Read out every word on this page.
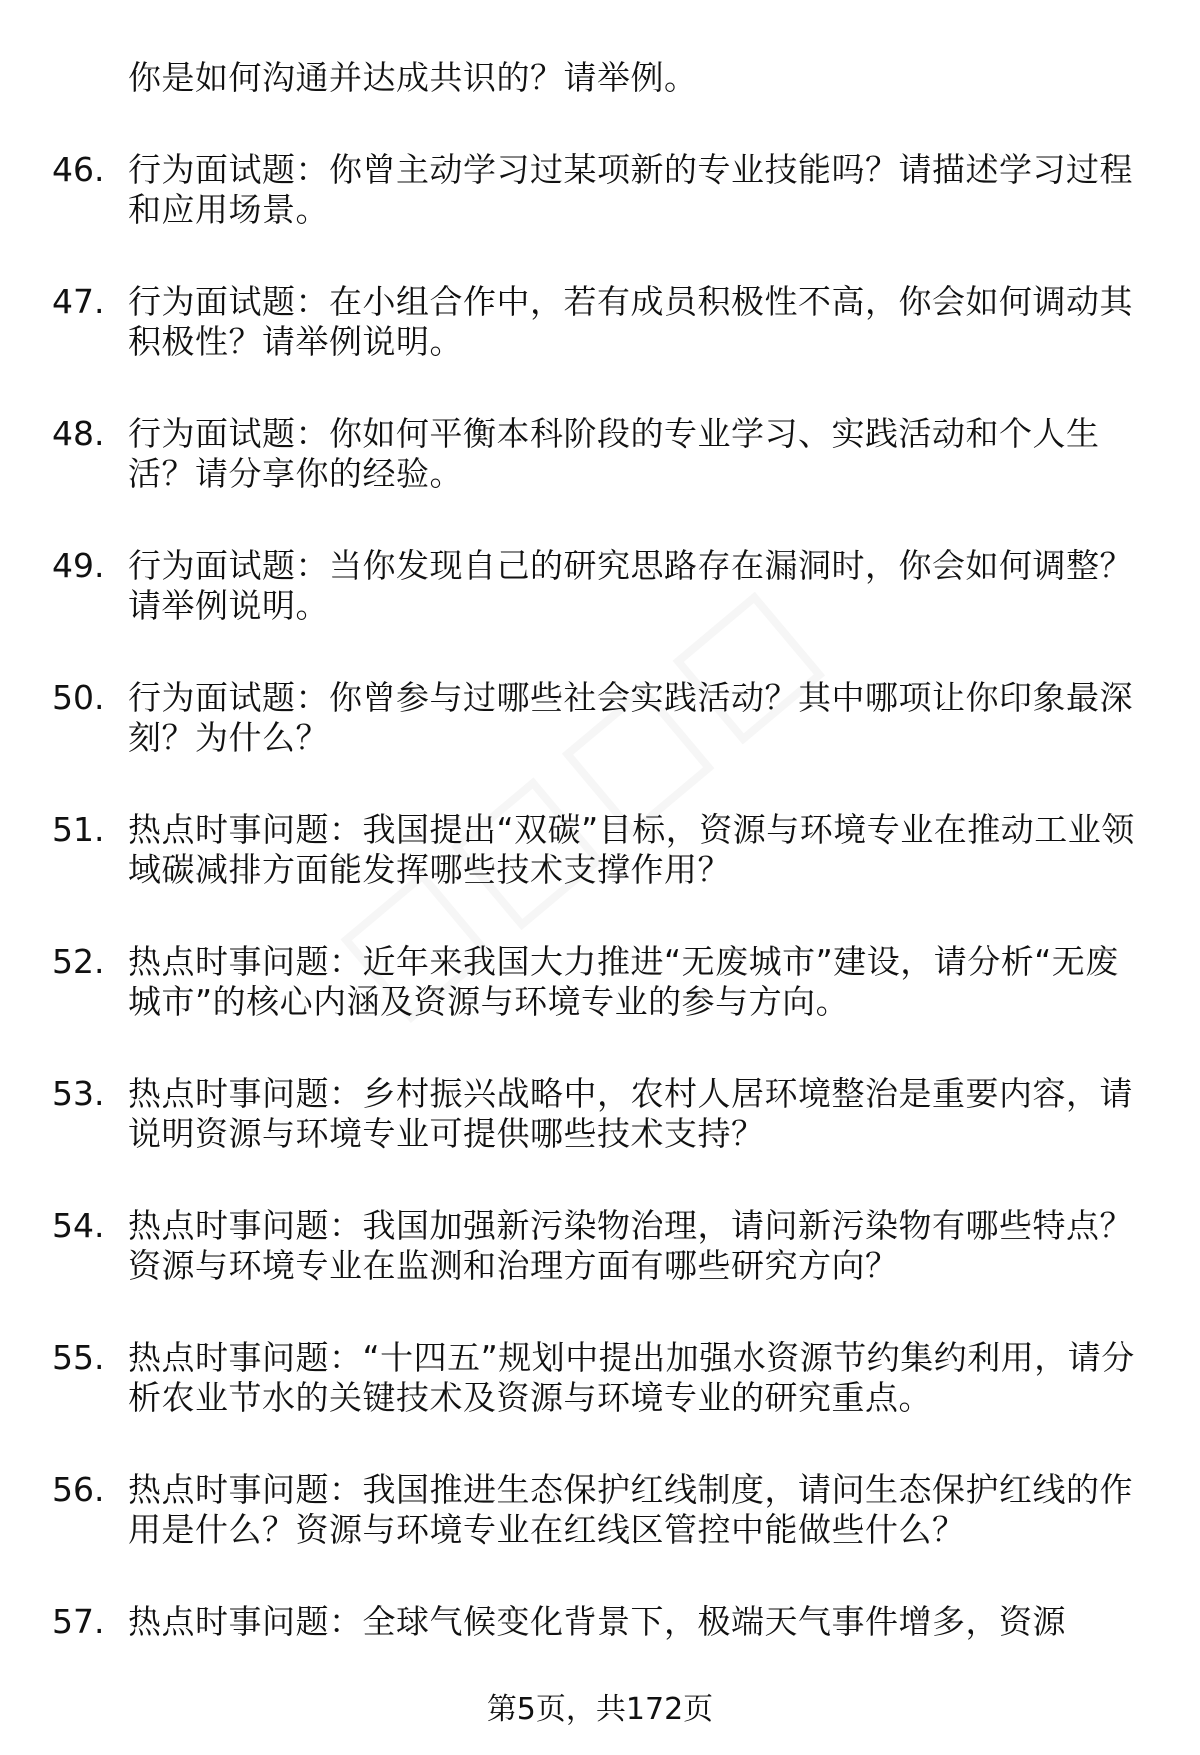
你是如何沟通并达成共识的？请举例。
46. 行为面试题：你曾主动学习过某项新的专业技能吗？请描述学习过程和应用场景。
47. 行为面试题：在小组合作中，若有成员积极性不高，你会如何调动其积极性？请举例说明。
48. 行为面试题：你如何平衡本科阶段的专业学习、实践活动和个人生活？请分享你的经验。
49. 行为面试题：当你发现自己的研究思路存在漏洞时，你会如何调整？请举例说明。
50. 行为面试题：你曾参与过哪些社会实践活动？其中哪项让你印象最深刻？为什么？
51. 热点时事问题：我国提出“双碳”目标，资源与环境专业在推动工业领域碳减排方面能发挥哪些技术支撑作用？
52. 热点时事问题：近年来我国大力推进“无废城市”建设，请分析“无废城市”的核心内涵及资源与环境专业的参与方向。
53. 热点时事问题：乡村振兴战略中，农村人居环境整治是重要内容，请说明资源与环境专业可提供哪些技术支持？
54. 热点时事问题：我国加强新污染物治理，请问新污染物有哪些特点？资源与环境专业在监测和治理方面有哪些研究方向？
55. 热点时事问题：“十四五”规划中提出加强水资源节约集约利用，请分析农业节水的关键技术及资源与环境专业的研究重点。
56. 热点时事问题：我国推进生态保护红线制度，请问生态保护红线的作用是什么？资源与环境专业在红线区管控中能做些什么？
57. 热点时事问题：全球气候变化背景下，极端天气事件增多，资源
第5页，共172页
